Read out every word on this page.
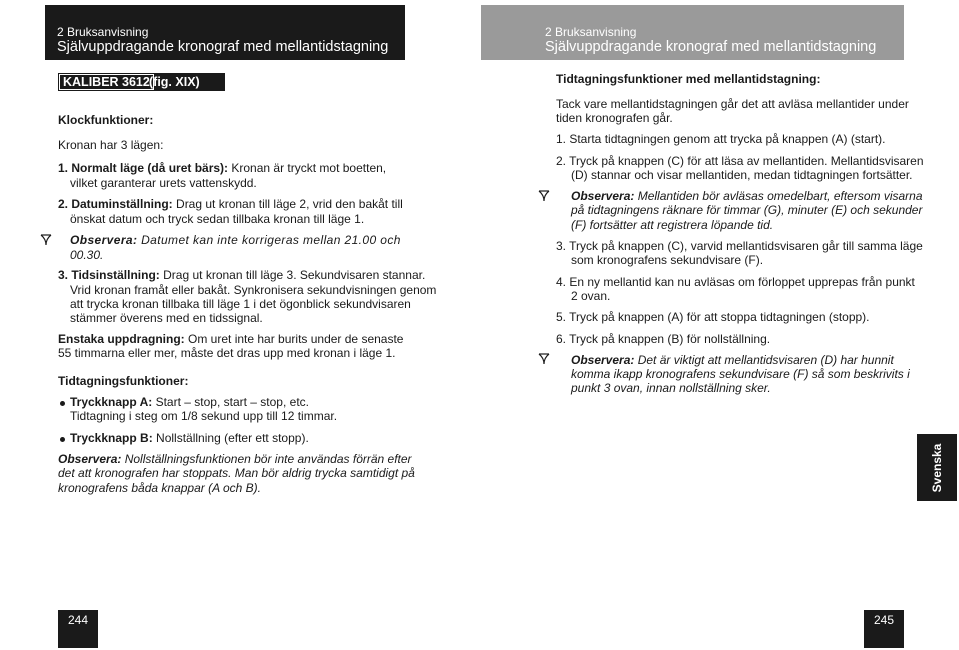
2 Bruksanvisning
Självuppdragande kronograf med mellantidstagning
KALIBER 3612 (fig. XIX)
Klockfunktioner:
Kronan har 3 lägen:
1. Normalt läge (då uret bärs): Kronan är tryckt mot boetten,
vilket garanterar urets vattenskydd.
2. Datuminställning: Drag ut kronan till läge 2, vrid den bakåt till
önskat datum och tryck sedan tillbaka kronan till läge 1.
Observera: Datumet kan inte korrigeras mellan 21.00 och
00.30.
3. Tidsinställning: Drag ut kronan till läge 3. Sekundvisaren stannar.
Vrid kronan framåt eller bakåt. Synkronisera sekundvisningen genom
att trycka kronan tillbaka till läge 1 i det ögonblick sekundvisaren
stämmer överens med en tidssignal.
Enstaka uppdragning: Om uret inte har burits under de senaste
55 timmarna eller mer, måste det dras upp med kronan i läge 1.
Tidtagningsfunktioner:
Tryckknapp A: Start – stop, start – stop, etc.
Tidtagning i steg om 1/8 sekund upp till 12 timmar.
Tryckknapp B: Nollställning (efter ett stopp).
Observera: Nollställningsfunktionen bör inte användas förrän efter
det att kronografen har stoppats. Man bör aldrig trycka samtidigt på
kronografens båda knappar (A och B).
244
2 Bruksanvisning
Självuppdragande kronograf med mellantidstagning
Tidtagningsfunktioner med mellantidstagning:
Tack vare mellantidstagningen går det att avläsa mellantider under
tiden kronografen går.
1. Starta tidtagningen genom att trycka på knappen (A) (start).
2. Tryck på knappen (C) för att läsa av mellantiden. Mellantidsvisaren
(D) stannar och visar mellantiden, medan tidtagningen fortsätter.
Observera: Mellantiden bör avläsas omedelbart, eftersom visarna
på tidtagningens räknare för timmar (G), minuter (E) och sekunder
(F) fortsätter att registrera löpande tid.
3. Tryck på knappen (C), varvid mellantidsvisaren går till samma läge
som kronografens sekundvisare (F).
4. En ny mellantid kan nu avläsas om förloppet upprepas från punkt
2 ovan.
5. Tryck på knappen (A) för att stoppa tidtagningen (stopp).
6. Tryck på knappen (B) för nollställning.
Observera: Det är viktigt att mellantidsvisaren (D) har hunnit
komma ikapp kronografens sekundvisare (F) så som beskrivits i
punkt 3 ovan, innan nollställning sker.
Svenska
245
